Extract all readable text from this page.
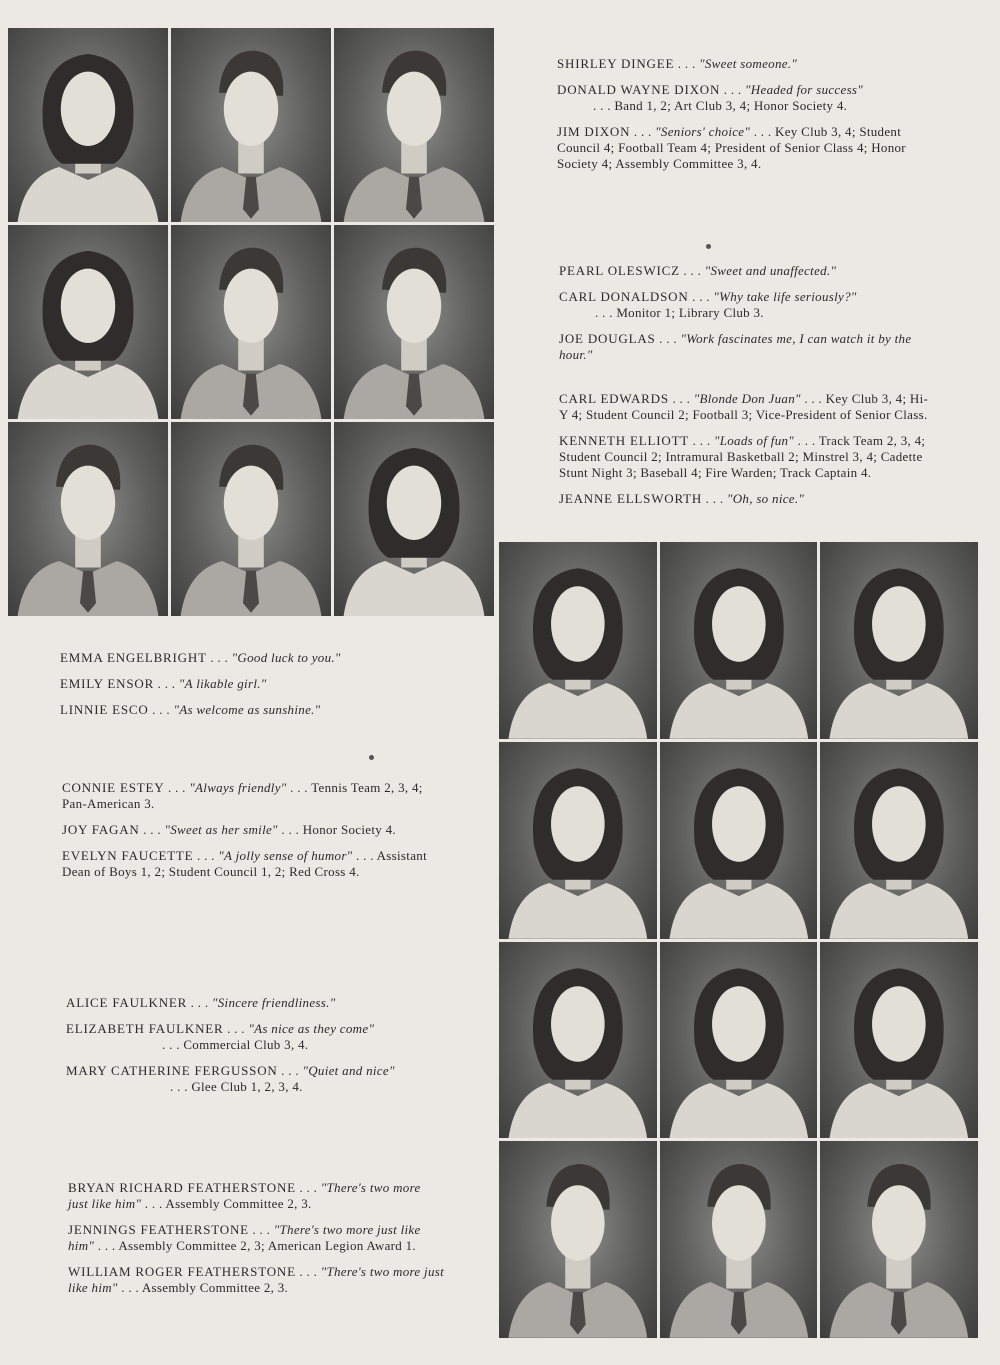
SHIRLEY DINGEE . . . "Sweet someone."

DONALD WAYNE DIXON . . . "Headed for success"
. . . Band 1, 2; Art Club 3, 4; Honor Society 4.

JIM DIXON . . . "Seniors' choice" . . . Key Club 3, 4; Student Council 4; Football Team 4; President of Senior Class 4; Honor Society 4; Assembly Committee 3, 4.

PEARL OLESWICZ . . . "Sweet and unaffected."

CARL DONALDSON . . . "Why take life seriously?"
. . . Monitor 1; Library Club 3.

JOE DOUGLAS . . . "Work fascinates me, I can watch it by the hour."

CARL EDWARDS . . . "Blonde Don Juan" . . . Key Club 3, 4; Hi-Y 4; Student Council 2; Football 3; Vice-President of Senior Class.

KENNETH ELLIOTT . . . "Loads of fun" . . . Track Team 2, 3, 4; Student Council 2; Intramural Basketball 2; Minstrel 3, 4; Cadette Stunt Night 3; Baseball 4; Fire Warden; Track Captain 4.

JEANNE ELLSWORTH . . . "Oh, so nice."

EMMA ENGELBRIGHT . . . "Good luck to you."

EMILY ENSOR . . . "A likable girl."

LINNIE ESCO . . . "As welcome as sunshine."

CONNIE ESTEY . . . "Always friendly" . . . Tennis Team 2, 3, 4; Pan-American 3.

JOY FAGAN . . . "Sweet as her smile" . . . Honor Society 4.

EVELYN FAUCETTE . . . "A jolly sense of humor" . . . Assistant Dean of Boys 1, 2; Student Council 1, 2; Red Cross 4.

ALICE FAULKNER . . . "Sincere friendliness."

ELIZABETH FAULKNER . . . "As nice as they come"
. . . Commercial Club 3, 4.

MARY CATHERINE FERGUSSON . . . "Quiet and nice"
. . . Glee Club 1, 2, 3, 4.

BRYAN RICHARD FEATHERSTONE . . . "There's two more just like him" . . . Assembly Committee 2, 3.

JENNINGS FEATHERSTONE . . . "There's two more just like him" . . . Assembly Committee 2, 3; American Legion Award 1.

WILLIAM ROGER FEATHERSTONE . . . "There's two more just like him" . . . Assembly Committee 2, 3.
